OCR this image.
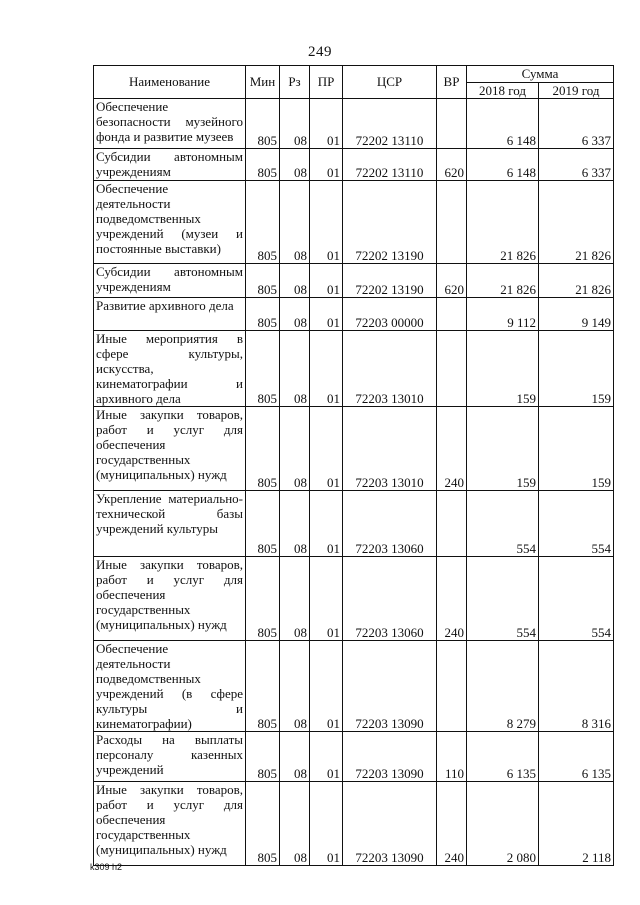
249
Наименование	Мин	Рз	ПР	ЦСР	ВР	Сумма	
						2018 год	2019 год
Обеспечение безопасности музейного фонда и развитие музеев	805	08	01	72202 13110		6 148	6 337
Субсидии автономным учреждениям	805	08	01	72202 13110	620	6 148	6 337
Обеспечение деятельности подведомственных учреждений (музеи и постоянные выставки)	805	08	01	72202 13190		21 826	21 826
Субсидии автономным учреждениям	805	08	01	72202 13190	620	21 826	21 826
Развитие архивного дела	805	08	01	72203 00000		9 112	9 149
Иные мероприятия в сфере культуры, искусства, кинематографии и архивного дела	805	08	01	72203 13010		159	159
Иные закупки товаров, работ и услуг для обеспечения государственных (муниципальных) нужд	805	08	01	72203 13010	240	159	159
Укрепление материально-технической базы учреждений культуры	805	08	01	72203 13060		554	554
Иные закупки товаров, работ и услуг для обеспечения государственных (муниципальных) нужд	805	08	01	72203 13060	240	554	554
Обеспечение деятельности подведомственных учреждений (в сфере культуры и кинематографии)	805	08	01	72203 13090		8 279	8 316
Расходы на выплаты персоналу казенных учреждений	805	08	01	72203 13090	110	6 135	6 135
Иные закупки товаров, работ и услуг для обеспечения государственных (муниципальных) нужд	805	08	01	72203 13090	240	2 080	2 118
k309 h2
